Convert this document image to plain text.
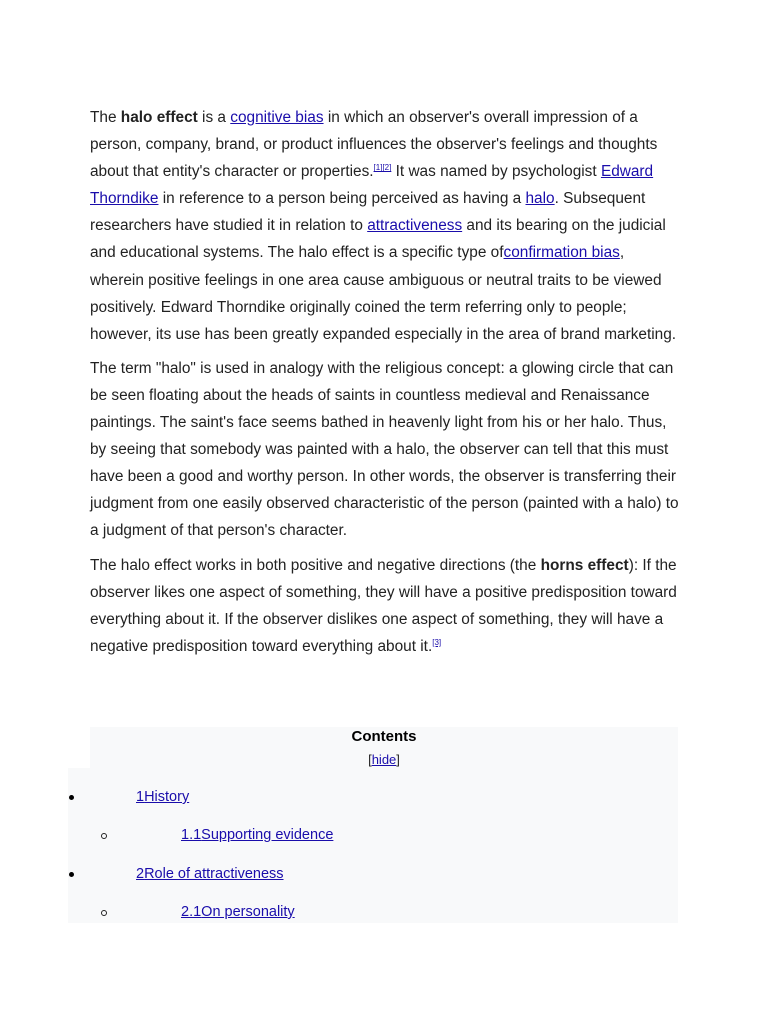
The halo effect is a cognitive bias in which an observer's overall impression of a person, company, brand, or product influences the observer's feelings and thoughts about that entity's character or properties.[1][2] It was named by psychologist Edward Thorndike in reference to a person being perceived as having a halo. Subsequent researchers have studied it in relation to attractiveness and its bearing on the judicial and educational systems. The halo effect is a specific type ofconfirmation bias, wherein positive feelings in one area cause ambiguous or neutral traits to be viewed positively. Edward Thorndike originally coined the term referring only to people; however, its use has been greatly expanded especially in the area of brand marketing.

The term "halo" is used in analogy with the religious concept: a glowing circle that can be seen floating about the heads of saints in countless medieval and Renaissance paintings. The saint's face seems bathed in heavenly light from his or her halo. Thus, by seeing that somebody was painted with a halo, the observer can tell that this must have been a good and worthy person. In other words, the observer is transferring their judgment from one easily observed characteristic of the person (painted with a halo) to a judgment of that person's character.

The halo effect works in both positive and negative directions (the horns effect): If the observer likes one aspect of something, they will have a positive predisposition toward everything about it. If the observer dislikes one aspect of something, they will have a negative predisposition toward everything about it.[3]

Contents
[hide]
1History
1.1Supporting evidence
2Role of attractiveness
2.1On personality
